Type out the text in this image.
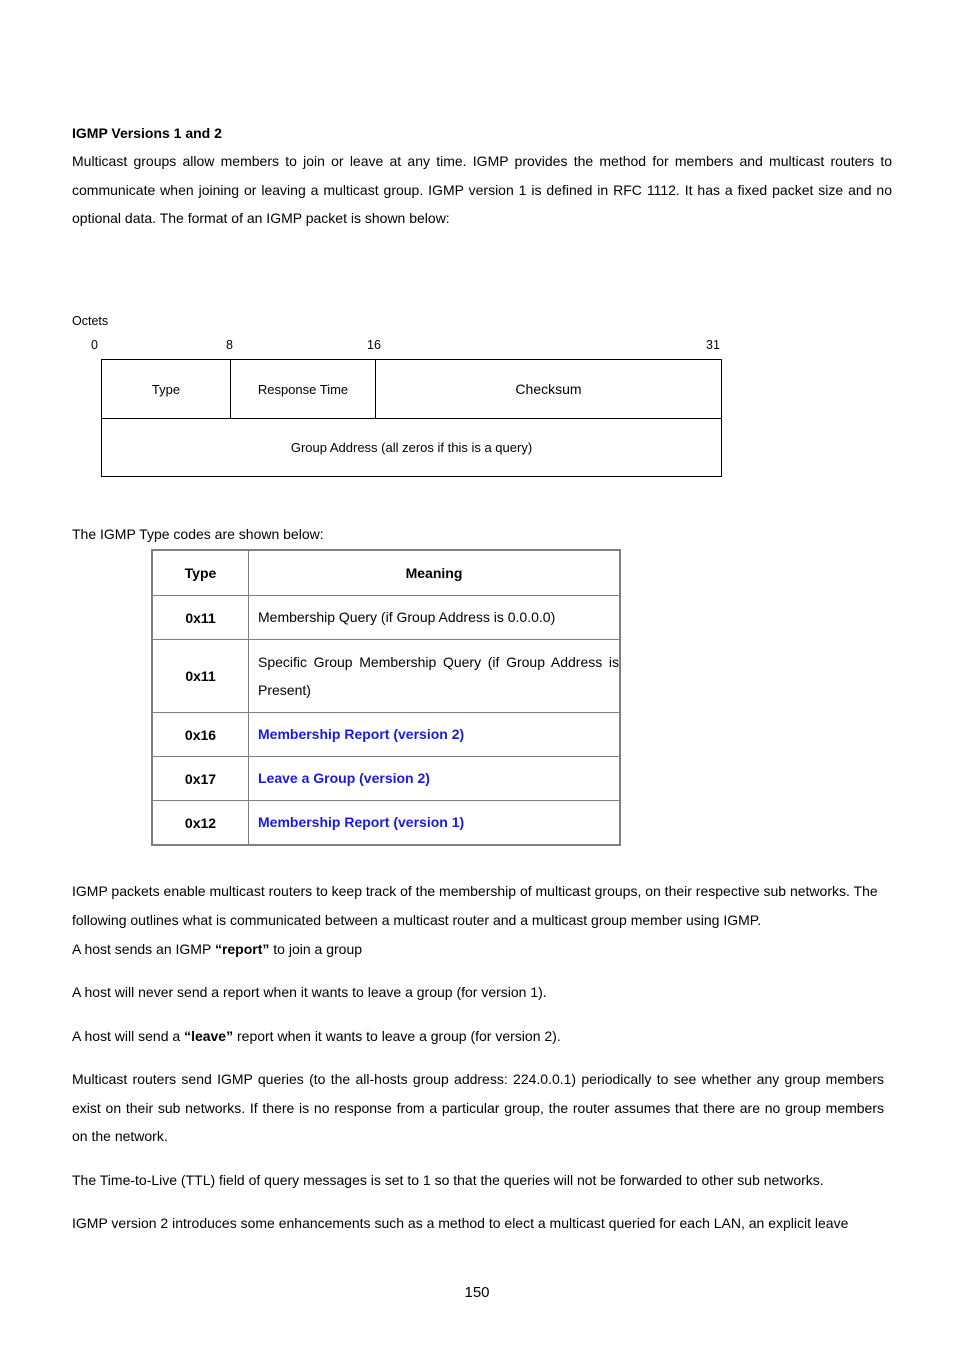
IGMP Versions 1 and 2
Multicast groups allow members to join or leave at any time. IGMP provides the method for members and multicast routers to communicate when joining or leaving a multicast group. IGMP version 1 is defined in RFC 1112. It has a fixed packet size and no optional data. The format of an IGMP packet is shown below:
Octets
0	8	16	31
Type	Response Time	Checksum
Group Address (all zeros if this is a query)
The IGMP Type codes are shown below:
Type	Meaning
0x11	Membership Query (if Group Address is 0.0.0.0)
0x11	Specific Group Membership Query (if Group Address is Present)
0x16	Membership Report (version 2)
0x17	Leave a Group (version 2)
0x12	Membership Report (version 1)
IGMP packets enable multicast routers to keep track of the membership of multicast groups, on their respective sub networks. The following outlines what is communicated between a multicast router and a multicast group member using IGMP.
A host sends an IGMP “report” to join a group
A host will never send a report when it wants to leave a group (for version 1).
A host will send a “leave” report when it wants to leave a group (for version 2).
Multicast routers send IGMP queries (to the all-hosts group address: 224.0.0.1) periodically to see whether any group members exist on their sub networks. If there is no response from a particular group, the router assumes that there are no group members on the network.
The Time-to-Live (TTL) field of query messages is set to 1 so that the queries will not be forwarded to other sub networks.
IGMP version 2 introduces some enhancements such as a method to elect a multicast queried for each LAN, an explicit leave
150
